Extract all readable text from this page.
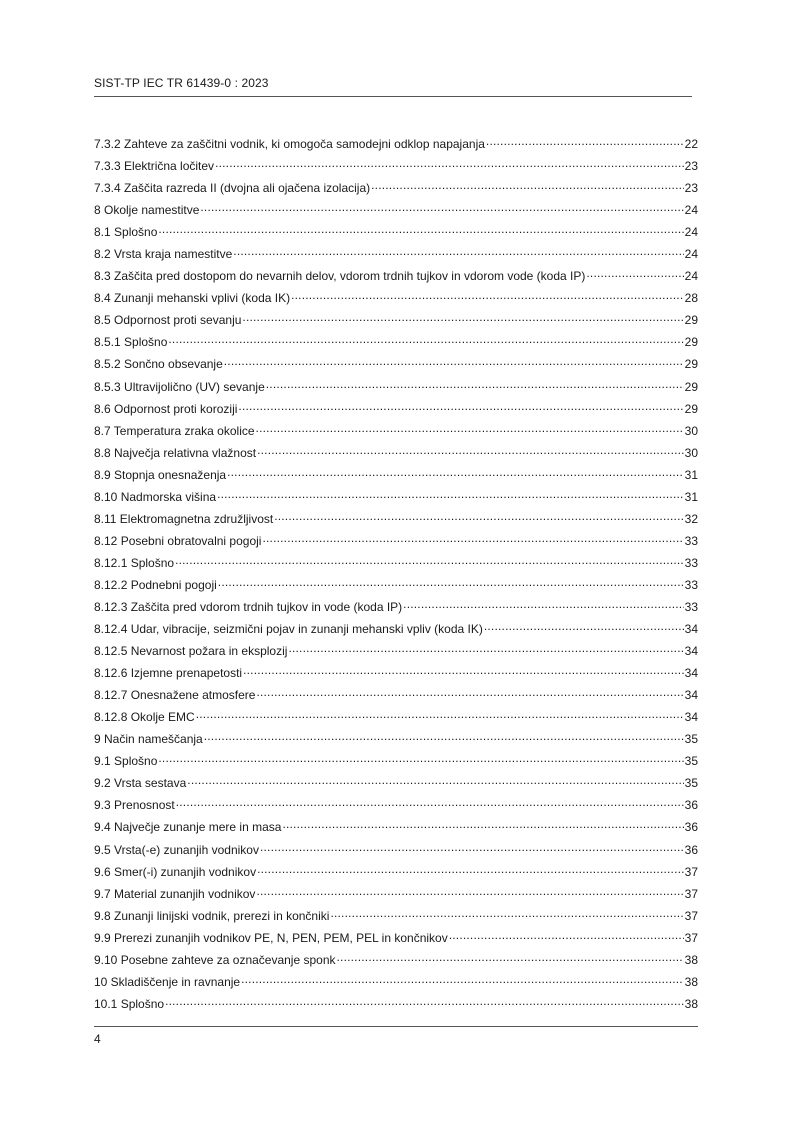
SIST-TP IEC TR 61439-0 : 2023
7.3.2 Zahteve za zaščitni vodnik, ki omogoča samodejni odklop napajanja .....	22
7.3.3 Električna ločitev .....	23
7.3.4 Zaščita razreda II (dvojna ali ojačena izolacija) .....	23
8 Okolje namestitve .....	24
8.1 Splošno .....	24
8.2 Vrsta kraja namestitve .....	24
8.3 Zaščita pred dostopom do nevarnih delov, vdorom trdnih tujkov in vdorom vode (koda IP) .....	24
8.4 Zunanji mehanski vplivi (koda IK) .....	28
8.5 Odpornost proti sevanju .....	29
8.5.1 Splošno .....	29
8.5.2 Sončno obsevanje .....	29
8.5.3 Ultravijolično (UV) sevanje .....	29
8.6 Odpornost proti koroziji .....	29
8.7 Temperatura zraka okolice .....	30
8.8 Največja relativna vlažnost .....	30
8.9 Stopnja onesnaženja .....	31
8.10 Nadmorska višina .....	31
8.11 Elektromagnetna združljivost .....	32
8.12 Posebni obratovalni pogoji .....	33
8.12.1 Splošno .....	33
8.12.2 Podnebni pogoji .....	33
8.12.3 Zaščita pred vdorom trdnih tujkov in vode (koda IP) .....	33
8.12.4 Udar, vibracije, seizmični pojav in zunanji mehanski vpliv (koda IK) .....	34
8.12.5 Nevarnost požara in eksplozij .....	34
8.12.6 Izjemne prenapetosti .....	34
8.12.7 Onesnažene atmosfere .....	34
8.12.8 Okolje EMC .....	34
9 Način nameščanja .....	35
9.1 Splošno .....	35
9.2 Vrsta sestava .....	35
9.3 Prenosnost .....	36
9.4 Največje zunanje mere in masa .....	36
9.5 Vrsta(-e) zunanjih vodnikov .....	36
9.6 Smer(-i) zunanjih vodnikov .....	37
9.7 Material zunanjih vodnikov .....	37
9.8 Zunanji linijski vodnik, prerezi in končniki .....	37
9.9 Prerezi zunanjih vodnikov PE, N, PEN, PEM, PEL in končnikov .....	37
9.10 Posebne zahteve za označevanje sponk .....	38
10 Skladiščenje in ravnanje .....	38
10.1 Splošno .....	38
4
